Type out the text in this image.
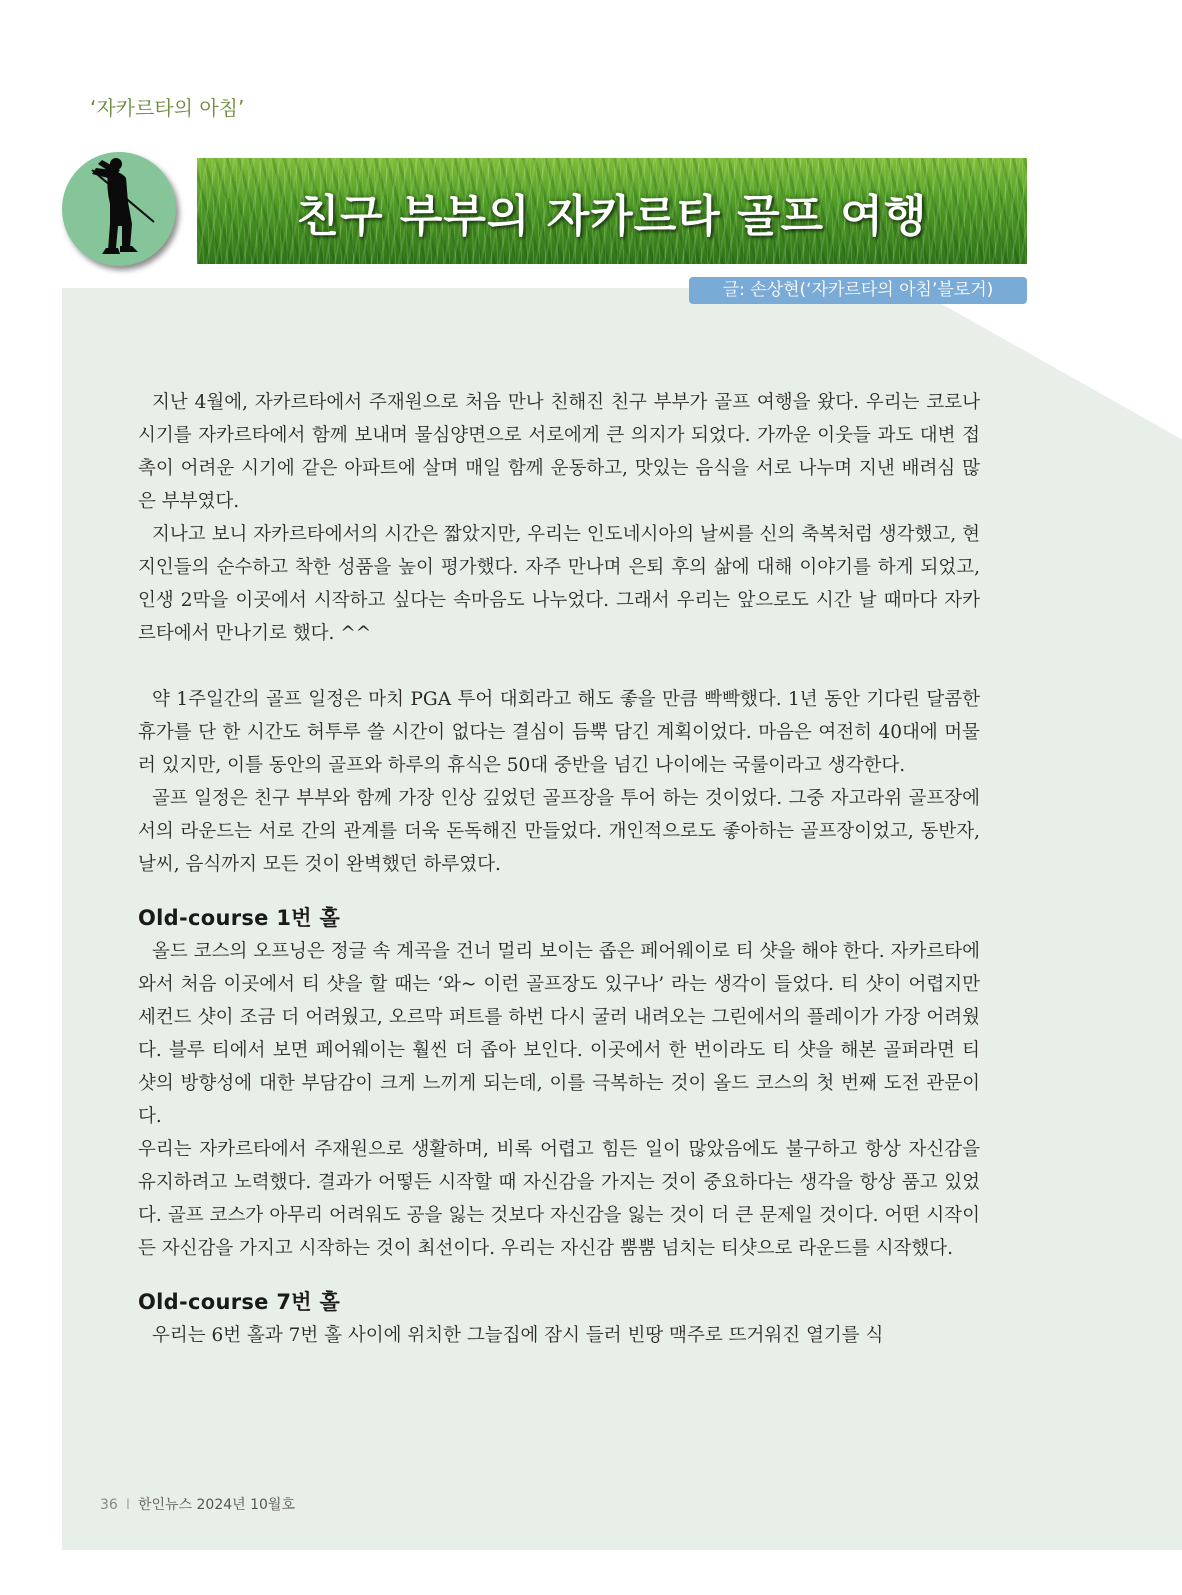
‘자카르타의 아침’
친구 부부의 자카르타 골프 여행
글: 손상현(‘자카르타의 아침’블로거)

지난 4월에, 자카르타에서 주재원으로 처음 만나 친해진 친구 부부가 골프 여행을 왔다. 우리는 코로나 시기를 자카르타에서 함께 보내며 물심양면으로 서로에게 큰 의지가 되었다. 가까운 이웃들 과도 대변 접촉이 어려운 시기에 같은 아파트에 살며 매일 함께 운동하고, 맛있는 음식을 서로 나누며 지낸 배려심 많은 부부였다.

지나고 보니 자카르타에서의 시간은 짧았지만, 우리는 인도네시아의 날씨를 신의 축복처럼 생각했고, 현지인들의 순수하고 착한 성품을 높이 평가했다. 자주 만나며 은퇴 후의 삶에 대해 이야기를 하게 되었고, 인생 2막을 이곳에서 시작하고 싶다는 속마음도 나누었다. 그래서 우리는 앞으로도 시간 날 때마다 자카르타에서 만나기로 했다. ^^

약 1주일간의 골프 일정은 마치 PGA 투어 대회라고 해도 좋을 만큼 빡빡했다. 1년 동안 기다린 달콤한 휴가를 단 한 시간도 허투루 쓸 시간이 없다는 결심이 듬뿍 담긴 계획이었다. 마음은 여전히 40대에 머물러 있지만, 이틀 동안의 골프와 하루의 휴식은 50대 중반을 넘긴 나이에는 국룰이라고 생각한다.

골프 일정은 친구 부부와 함께 가장 인상 깊었던 골프장을 투어 하는 것이었다. 그중 자고라위 골프장에서의 라운드는 서로 간의 관계를 더욱 돈독해진 만들었다. 개인적으로도 좋아하는 골프장이었고, 동반자, 날씨, 음식까지 모든 것이 완벽했던 하루였다.

Old-course 1번 홀

올드 코스의 오프닝은 정글 속 계곡을 건너 멀리 보이는 좁은 페어웨이로 티 샷을 해야 한다. 자카르타에 와서 처음 이곳에서 티 샷을 할 때는 ‘와~ 이런 골프장도 있구나’ 라는 생각이 들었다. 티 샷이 어렵지만 세컨드 샷이 조금 더 어려웠고, 오르막 퍼트를 하번 다시 굴러 내려오는 그린에서의 플레이가 가장 어려웠다. 블루 티에서 보면 페어웨이는 훨씬 더 좁아 보인다. 이곳에서 한 번이라도 티 샷을 해본 골퍼라면 티 샷의 방향성에 대한 부담감이 크게 느끼게 되는데, 이를 극복하는 것이 올드 코스의 첫 번째 도전 관문이다.

우리는 자카르타에서 주재원으로 생활하며, 비록 어렵고 힘든 일이 많았음에도 불구하고 항상 자신감을 유지하려고 노력했다. 결과가 어떻든 시작할 때 자신감을 가지는 것이 중요하다는 생각을 항상 품고 있었다. 골프 코스가 아무리 어려워도 공을 잃는 것보다 자신감을 잃는 것이 더 큰 문제일 것이다. 어떤 시작이든 자신감을 가지고 시작하는 것이 최선이다. 우리는 자신감 뿜뿜 넘치는 티샷으로 라운드를 시작했다.

Old-course 7번 홀

우리는 6번 홀과 7번 홀 사이에 위치한 그늘집에 잠시 들러 빈땅 맥주로 뜨거워진 열기를 식

36 I 한인뉴스 2024년 10월호
